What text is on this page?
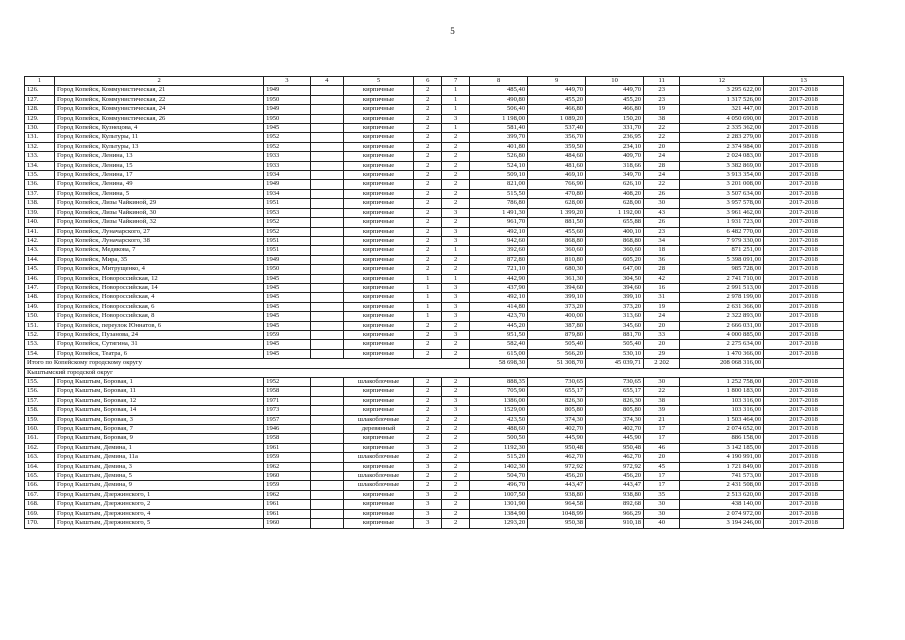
5
1	2	3	4	5	6	7	8	9	10	11	12	13
126.	Город Копейск, Коммунистическая, 21	1949		кирпичные	2	1	485,40	449,70	449,70	23	3 295 622,00	2017-2018
127.	Город Копейск, Коммунистическая, 22	1950		кирпичные	2	1	490,80	455,20	455,20	23	1 317 526,00	2017-2018
128.	Город Копейск, Коммунистическая, 24	1949		кирпичные	2	1	506,40	466,80	466,80	19	321 447,00	2017-2018
129.	Город Копейск, Коммунистическая, 26	1950		кирпичные	2	3	1 198,00	1 089,20	150,20	38	4 050 690,00	2017-2018
130.	Город Копейск, Кузнецова, 4	1945		кирпичные	2	1	581,40	537,40	331,70	22	2 335 362,00	2017-2018
131.	Город Копейск, Культуры, 11	1952		кирпичные	2	2	399,70	356,70	236,95	22	2 283 279,00	2017-2018
132.	Город Копейск, Культуры, 13	1952		кирпичные	2	2	401,80	359,50	234,10	20	2 374 984,00	2017-2018
133.	Город Копейск, Ленина, 13	1933		кирпичные	2	2	526,80	484,60	409,70	24	2 024 083,00	2017-2018
134.	Город Копейск, Ленина, 15	1933		кирпичные	2	2	524,10	481,60	318,66	28	3 382 869,00	2017-2018
135.	Город Копейск, Ленина, 17	1934		кирпичные	2	2	509,10	469,10	349,70	24	3 913 354,00	2017-2018
136.	Город Копейск, Ленина, 49	1949		кирпичные	2	2	821,00	766,90	626,10	22	3 201 008,00	2017-2018
137.	Город Копейск, Ленина, 5	1934		кирпичные	2	2	515,50	470,80	408,20	26	3 507 634,00	2017-2018
138.	Город Копейск, Лизы Чайкиной, 29	1951		кирпичные	2	2	786,80	628,00	628,00	30	3 957 578,00	2017-2018
139.	Город Копейск, Лизы Чайкиной, 30	1953		кирпичные	2	3	1 491,30	1 399,20	1 192,00	43	3 961 462,00	2017-2018
140.	Город Копейск, Лизы Чайкиной, 32	1952		кирпичные	2	2	961,70	881,50	655,88	26	1 931 723,00	2017-2018
141.	Город Копейск, Луначарского, 27	1952		кирпичные	2	3	492,10	455,60	400,10	23	6 482 770,00	2017-2018
142.	Город Копейск, Луначарского, 38	1951		кирпичные	2	3	942,60	868,80	868,80	34	7 979 330,00	2017-2018
143.	Город Копейск, Медякова, 7	1951		кирпичные	2	1	392,60	360,60	360,60	18	871 251,00	2017-2018
144.	Город Копейск, Мира, 35	1949		кирпичные	2	2	872,80	810,80	605,20	36	5 398 091,00	2017-2018
145.	Город Копейск, Митрущенко, 4	1950		кирпичные	2	2	721,10	680,30	647,00	28	985 728,00	2017-2018
146.	Город Копейск, Новороссийская, 12	1945		кирпичные	1	1	442,90	361,30	304,50	42	2 741 710,00	2017-2018
147.	Город Копейск, Новороссийская, 14	1945		кирпичные	1	3	437,90	394,60	394,60	16	2 991 513,00	2017-2018
148.	Город Копейск, Новороссийская, 4	1945		кирпичные	1	3	492,10	399,10	399,10	31	2 978 199,00	2017-2018
149.	Город Копейск, Новороссийская, 6	1945		кирпичные	1	3	414,80	373,20	373,20	19	2 631 366,00	2017-2018
150.	Город Копейск, Новороссийская, 8	1945		кирпичные	1	3	423,70	400,00	313,60	24	2 322 893,00	2017-2018
151.	Город Копейск, переулок Юннатов, 6	1945		кирпичные	2	2	445,20	387,80	345,60	20	2 666 031,00	2017-2018
152.	Город Копейск, Пузанова, 24	1959		кирпичные	2	3	951,50	879,80	881,70	33	4 000 885,00	2017-2018
153.	Город Копейск, Сутягина, 31	1945		кирпичные	2	2	582,40	505,40	505,40	20	2 275 634,00	2017-2018
154.	Город Копейск, Театра, 6	1945		кирпичные	2	2	615,00	566,20	530,10	29	1 470 366,00	2017-2018
Итого по Копейскому городскому округу							58 698,30	51 308,70	45 039,71	2 202	208 068 316,00	
Кыштымский городской округ												
155.	Город Кыштым, Боровая, 1	1952		шлакоблочные	2	2	888,35	730,65	730,65	30	1 252 758,00	2017-2018
156.	Город Кыштым, Боровая, 11	1958		кирпичные	2	2	705,90	655,17	655,17	22	1 800 183,00	2017-2018
157.	Город Кыштым, Боровая, 12	1971		кирпичные	2	3	1386,00	826,30	826,30	38	103 316,00	2017-2018
158.	Город Кыштым, Боровая, 14	1973		кирпичные	2	3	1529,00	805,80	805,80	39	103 316,00	2017-2018
159.	Город Кыштым, Боровая, 3	1957		шлакоблочные	2	2	423,50	374,30	374,30	21	1 503 464,00	2017-2018
160.	Город Кыштым, Боровая, 7	1946		деревянный	2	2	488,60	402,70	402,70	17	2 074 652,00	2017-2018
161.	Город Кыштым, Боровая, 9	1958		кирпичные	2	2	500,50	445,90	445,90	17	886 158,00	2017-2018
162.	Город Кыштым, Демина, 1	1961		кирпичные	3	2	1192,30	950,48	950,48	46	3 142 185,00	2017-2018
163.	Город Кыштым, Демина, 11а	1959		шлакоблочные	2	2	515,20	462,70	462,70	20	4 190 991,00	2017-2018
164.	Город Кыштым, Демина, 3	1962		кирпичные	3	2	1402,30	972,92	972,92	45	1 721 849,00	2017-2018
165.	Город Кыштым, Демина, 5	1960		шлакоблочные	2	2	504,70	456,20	456,20	17	741 573,00	2017-2018
166.	Город Кыштым, Демина, 9	1959		шлакоблочные	2	2	496,70	443,47	443,47	17	2 431 508,00	2017-2018
167.	Город Кыштым, Дзержинского, 1	1962		кирпичные	3	2	1007,50	938,80	938,80	35	2 513 620,00	2017-2018
168.	Город Кыштым, Дзержинского, 2	1961		кирпичные	3	2	1301,90	964,58	892,68	30	438 140,00	2017-2018
169.	Город Кыштым, Дзержинского, 4	1961		кирпичные	3	2	1384,90	1048,99	966,29	30	2 074 972,00	2017-2018
170.	Город Кыштым, Дзержинского, 5	1960		кирпичные	3	2	1293,20	950,38	910,18	40	3 194 246,00	2017-2018
